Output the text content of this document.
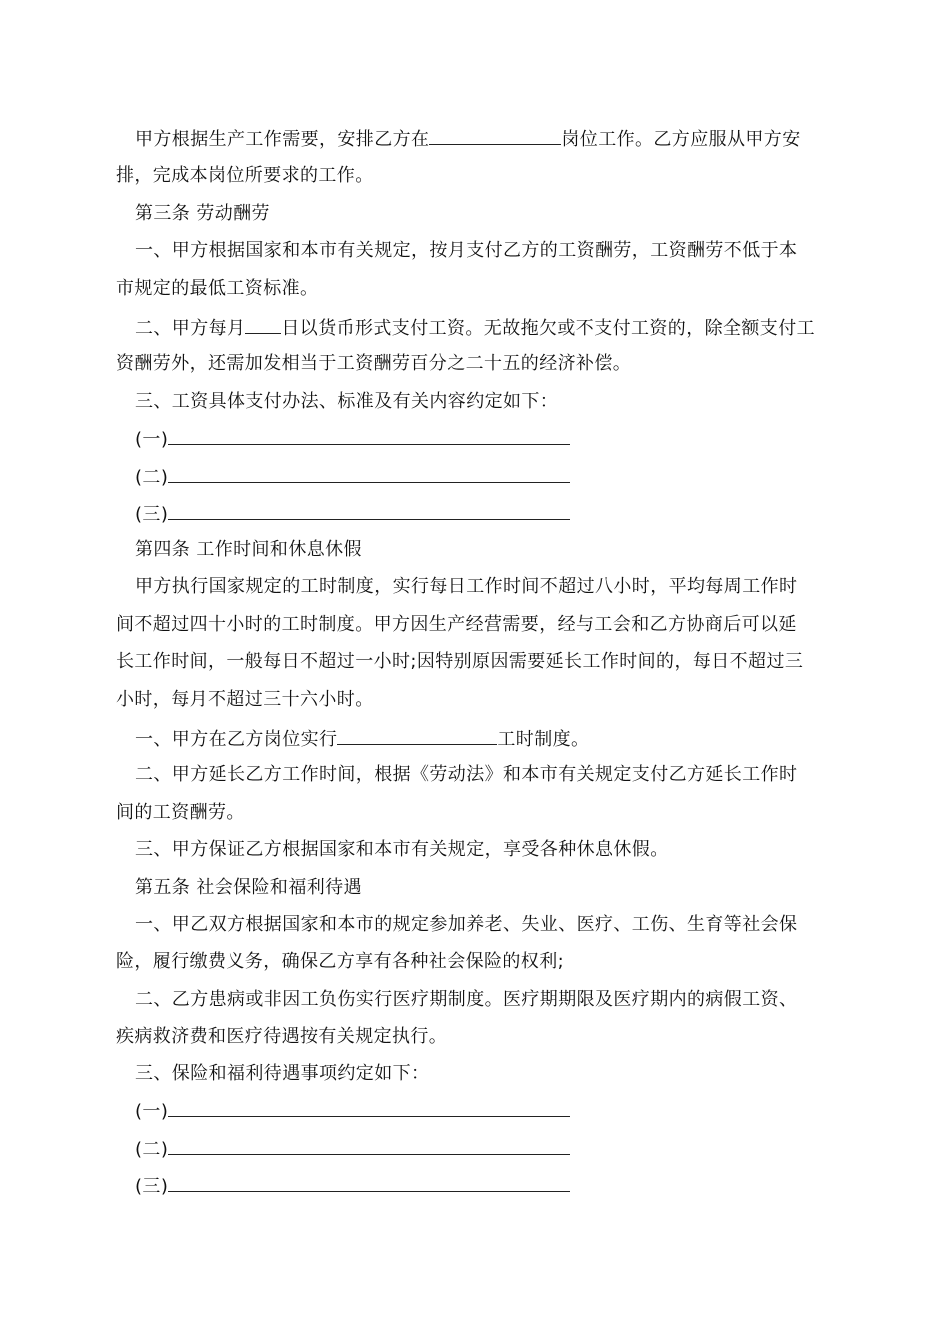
甲方根据生产工作需要，安排乙方在	岗位工作。乙方应服从甲方安
排，完成本岗位所要求的工作。
第三条 劳动酬劳
一、甲方根据国家和本市有关规定，按月支付乙方的工资酬劳，工资酬劳不低于本
市规定的最低工资标准。
二、甲方每月 日以货币形式支付工资。无故拖欠或不支付工资的，除全额支付工
资酬劳外，还需加发相当于工资酬劳百分之二十五的经济补偿。
三、工资具体支付办法、标准及有关内容约定如下：
(一)
(二)
(三)
第四条 工作时间和休息休假
甲方执行国家规定的工时制度，实行每日工作时间不超过八小时，平均每周工作时
间不超过四十小时的工时制度。甲方因生产经营需要，经与工会和乙方协商后可以延
长工作时间，一般每日不超过一小时;因特别原因需要延长工作时间的，每日不超过三
小时，每月不超过三十六小时。
一、甲方在乙方岗位实行	工时制度。
二、甲方延长乙方工作时间，根据《劳动法》和本市有关规定支付乙方延长工作时
间的工资酬劳。
三、甲方保证乙方根据国家和本市有关规定，享受各种休息休假。
第五条 社会保险和福利待遇
一、甲乙双方根据国家和本市的规定参加养老、失业、医疗、工伤、生育等社会保
险，履行缴费义务，确保乙方享有各种社会保险的权利;
二、乙方患病或非因工负伤实行医疗期制度。医疗期期限及医疗期内的病假工资、
疾病救济费和医疗待遇按有关规定执行。
三、保险和福利待遇事项约定如下：
(一)
(二)
(三)
